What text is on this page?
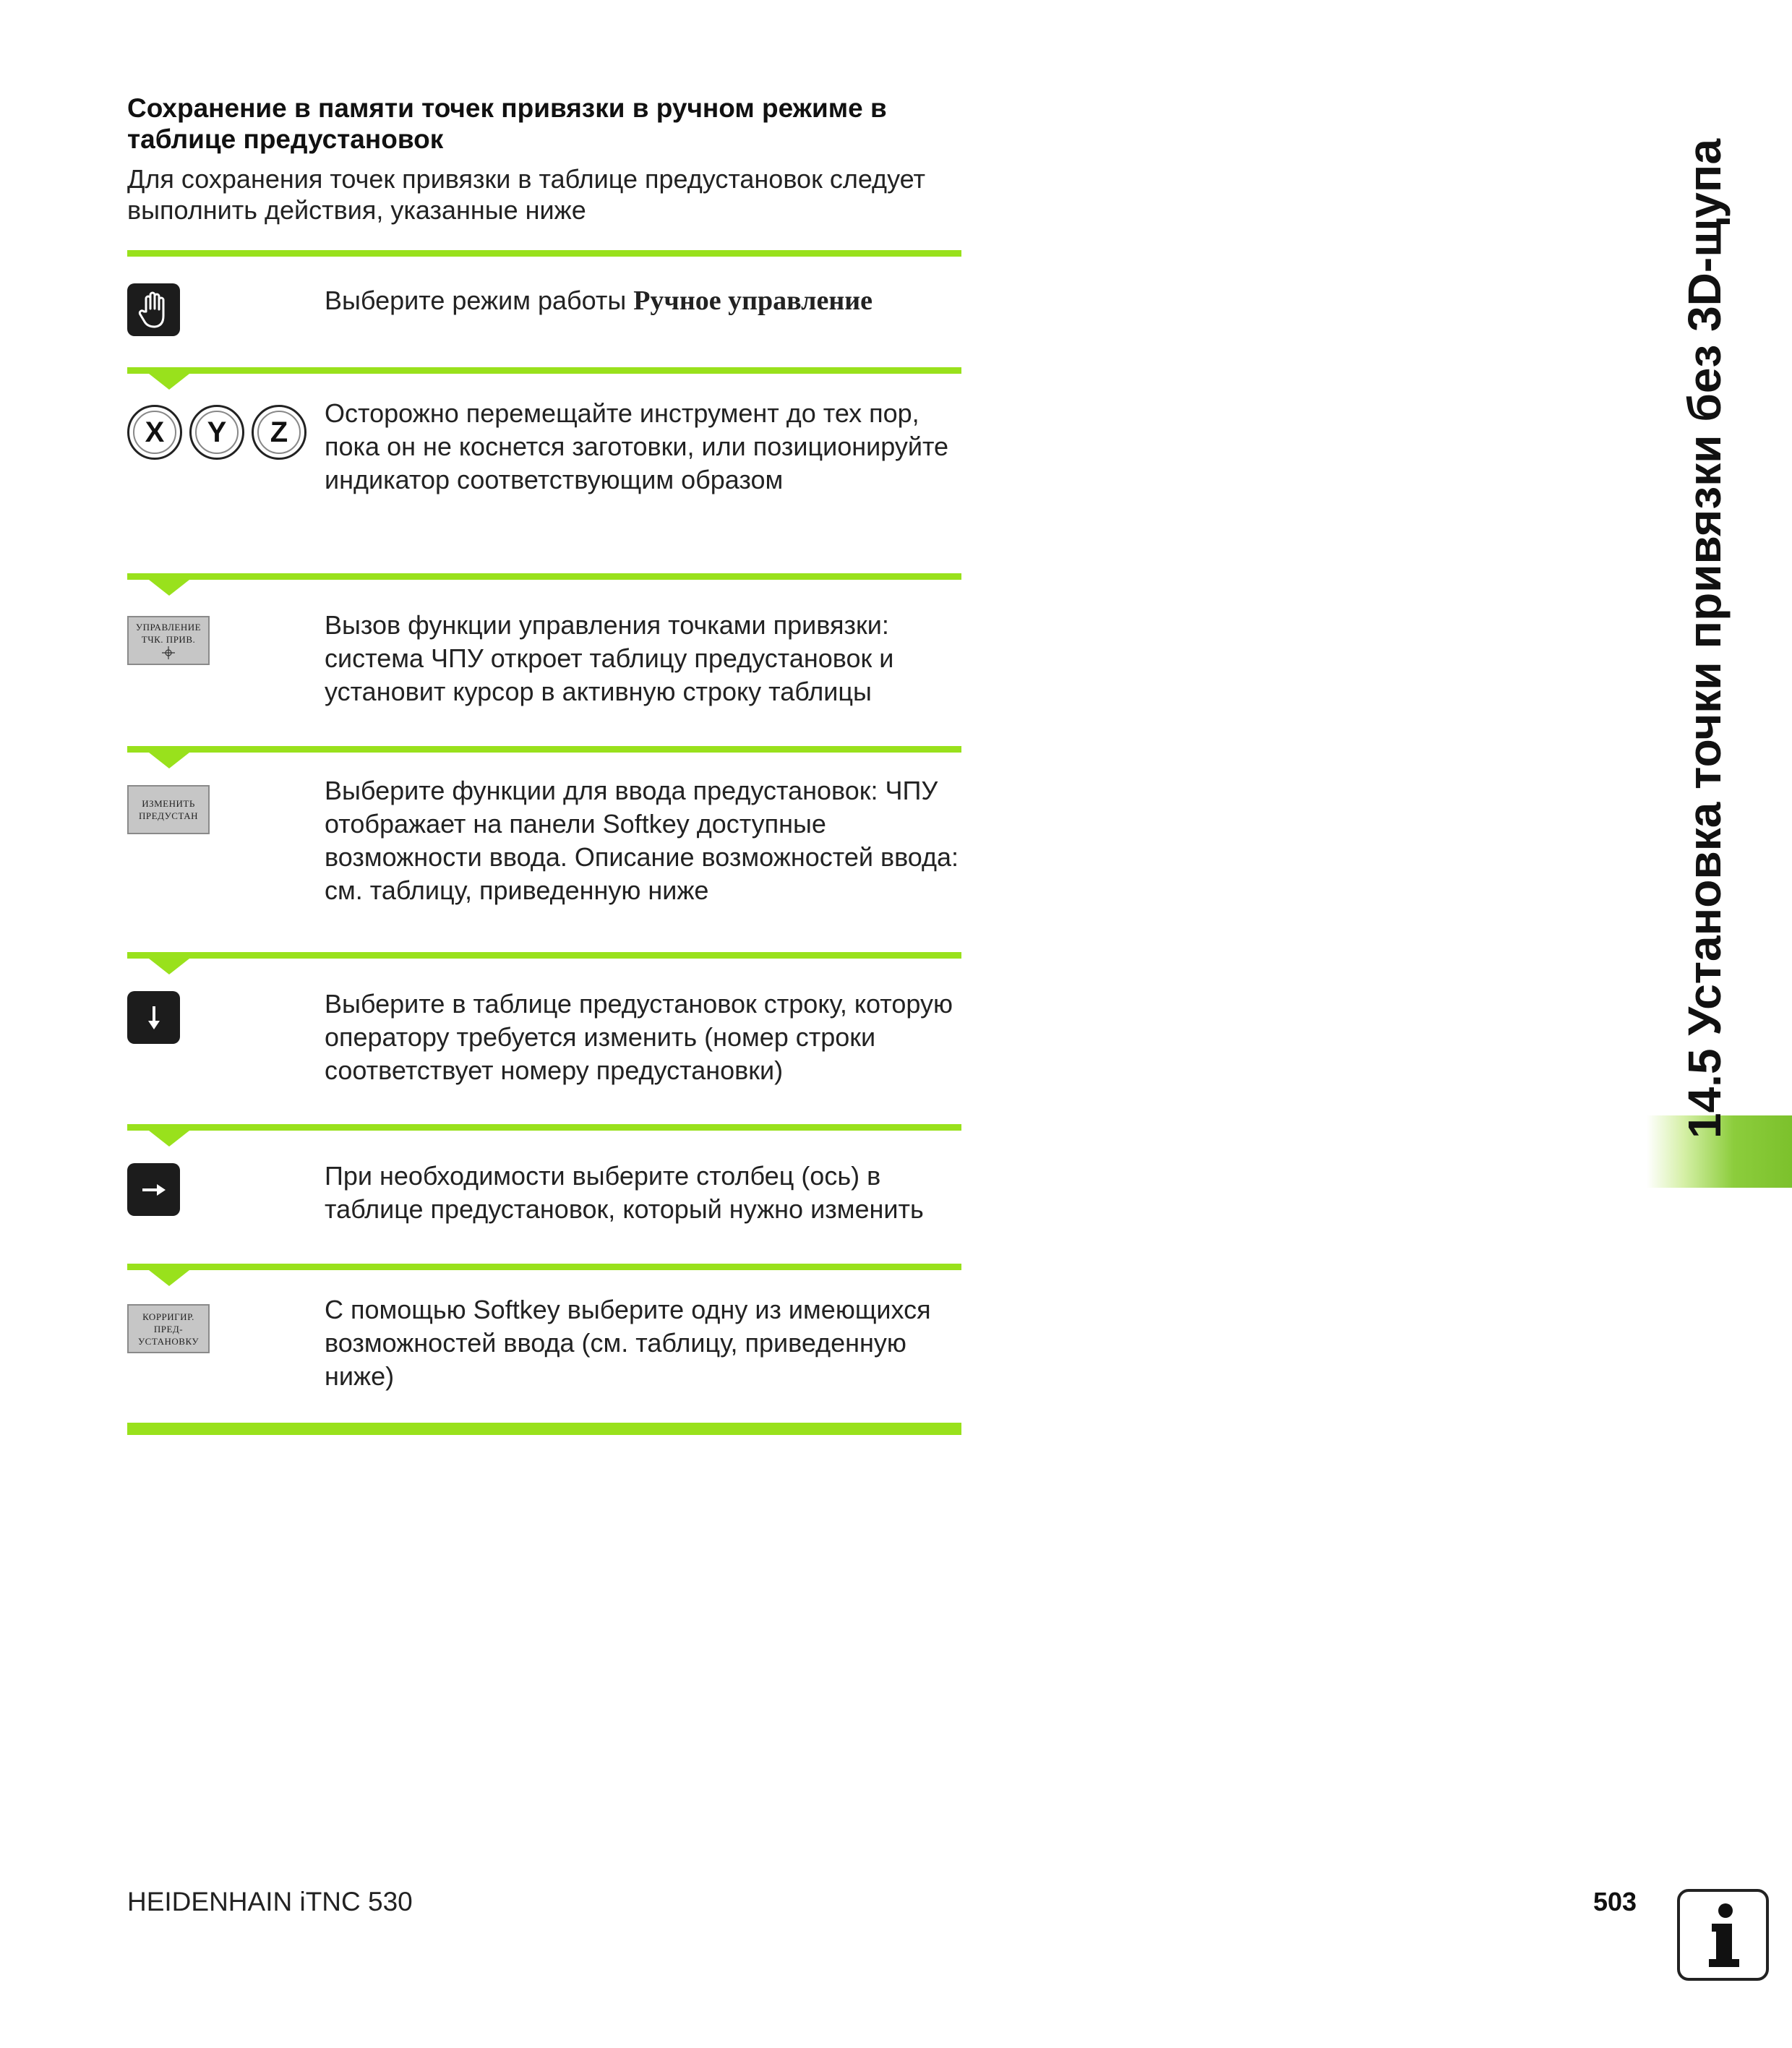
Сохранение в памяти точек привязки в ручном режиме в таблице предустановок
Для сохранения точек привязки в таблице предустановок следует выполнить действия, указанные ниже
Выберите режим работы Ручное управление
X Y Z
Осторожно перемещайте инструмент до тех пор, пока он не коснется заготовки, или позиционируйте индикатор соответствующим образом
УПРАВЛЕНИЕ
ТЧК. ПРИВ.	Вызов функции управления точками привязки: система ЧПУ откроет таблицу предустановок и установит курсор в активную строку таблицы
ИЗМЕНИТЬ
ПРЕДУСТАН
Выберите функции для ввода предустановок: ЧПУ отображает на панели Softkey доступные возможности ввода. Описание возможностей ввода: см. таблицу, приведенную ниже
Выберите в таблице предустановок строку, которую оператору требуется изменить (номер строки соответствует номеру предустановки)
При необходимости выберите столбец (ось) в таблице предустановок, который нужно изменить
КОРРИГИР.
ПРЕД-
УСТАНОВКУ
С помощью Softkey выберите одну из имеющихся возможностей ввода (см. таблицу, приведенную ниже)
14.5 Установка точки привязки без 3D-щупа
HEIDENHAIN iTNC 530	503
